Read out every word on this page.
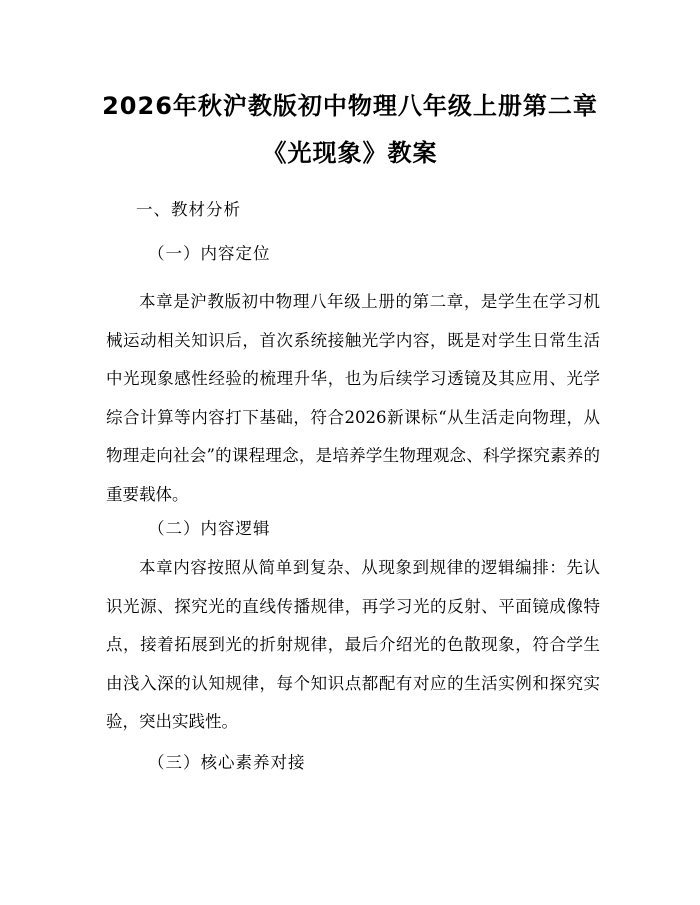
2026年秋沪教版初中物理八年级上册第二章
《光现象》教案
一、教材分析
（一）内容定位
本章是沪教版初中物理八年级上册的第二章，是学生在学习机械运动相关知识后，首次系统接触光学内容，既是对学生日常生活中光现象感性经验的梳理升华，也为后续学习透镜及其应用、光学综合计算等内容打下基础，符合2026新课标“从生活走向物理，从物理走向社会”的课程理念，是培养学生物理观念、科学探究素养的重要载体。
（二）内容逻辑
本章内容按照从简单到复杂、从现象到规律的逻辑编排：先认识光源、探究光的直线传播规律，再学习光的反射、平面镜成像特点，接着拓展到光的折射规律，最后介绍光的色散现象，符合学生由浅入深的认知规律，每个知识点都配有对应的生活实例和探究实验，突出实践性。
（三）核心素养对接
